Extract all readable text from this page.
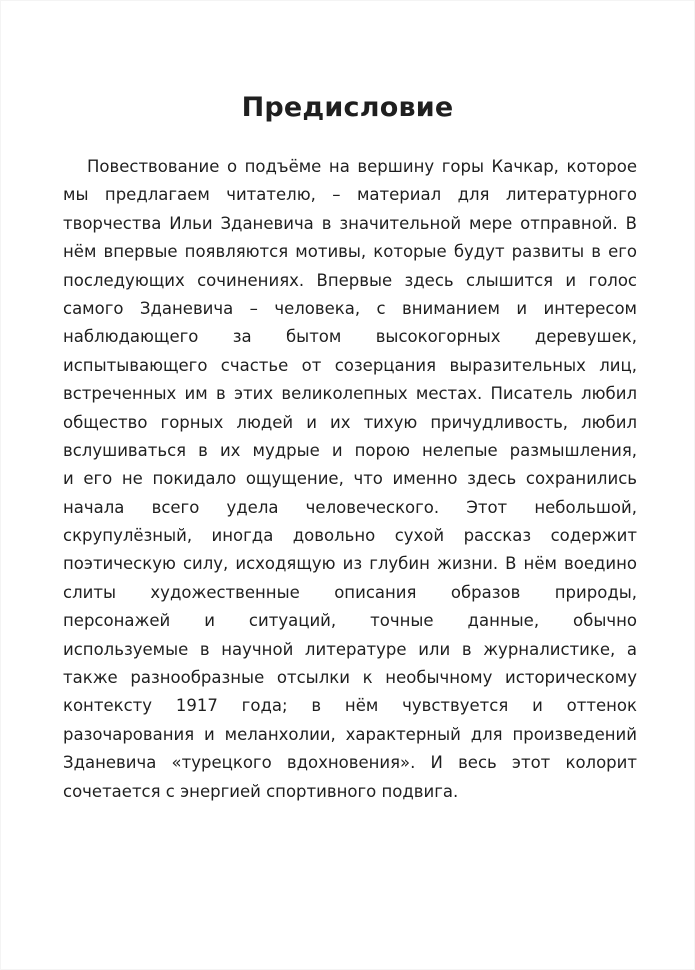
Предисловие
Повествование о подъёме на вершину горы Качкар, которое
мы предлагаем читателю, – материал для литературного
творчества Ильи Зданевича в значительной мере отправной. В
нём впервые появляются мотивы, которые будут развиты в его
последующих сочинениях. Впервые здесь слышится и голос
самого Зданевича – человека, с вниманием и интересом
наблюдающего за бытом высокогорных деревушек,
испытывающего счастье от созерцания выразительных лиц,
встреченных им в этих великолепных местах. Писатель любил
общество горных людей и их тихую причудливость, любил
вслушиваться в их мудрые и порою нелепые размышления,
и его не покидало ощущение, что именно здесь сохранились
начала всего удела человеческого. Этот небольшой,
скрупулёзный, иногда довольно сухой рассказ содержит
поэтическую силу, исходящую из глубин жизни. В нём воедино
слиты художественные описания образов природы,
персонажей и ситуаций, точные данные, обычно
используемые в научной литературе или в журналистике, а
также разнообразные отсылки к необычному историческому
контексту 1917 года; в нём чувствуется и оттенок
разочарования и меланхолии, характерный для произведений
Зданевича «турецкого вдохновения». И весь этот колорит
сочетается с энергией спортивного подвига.
